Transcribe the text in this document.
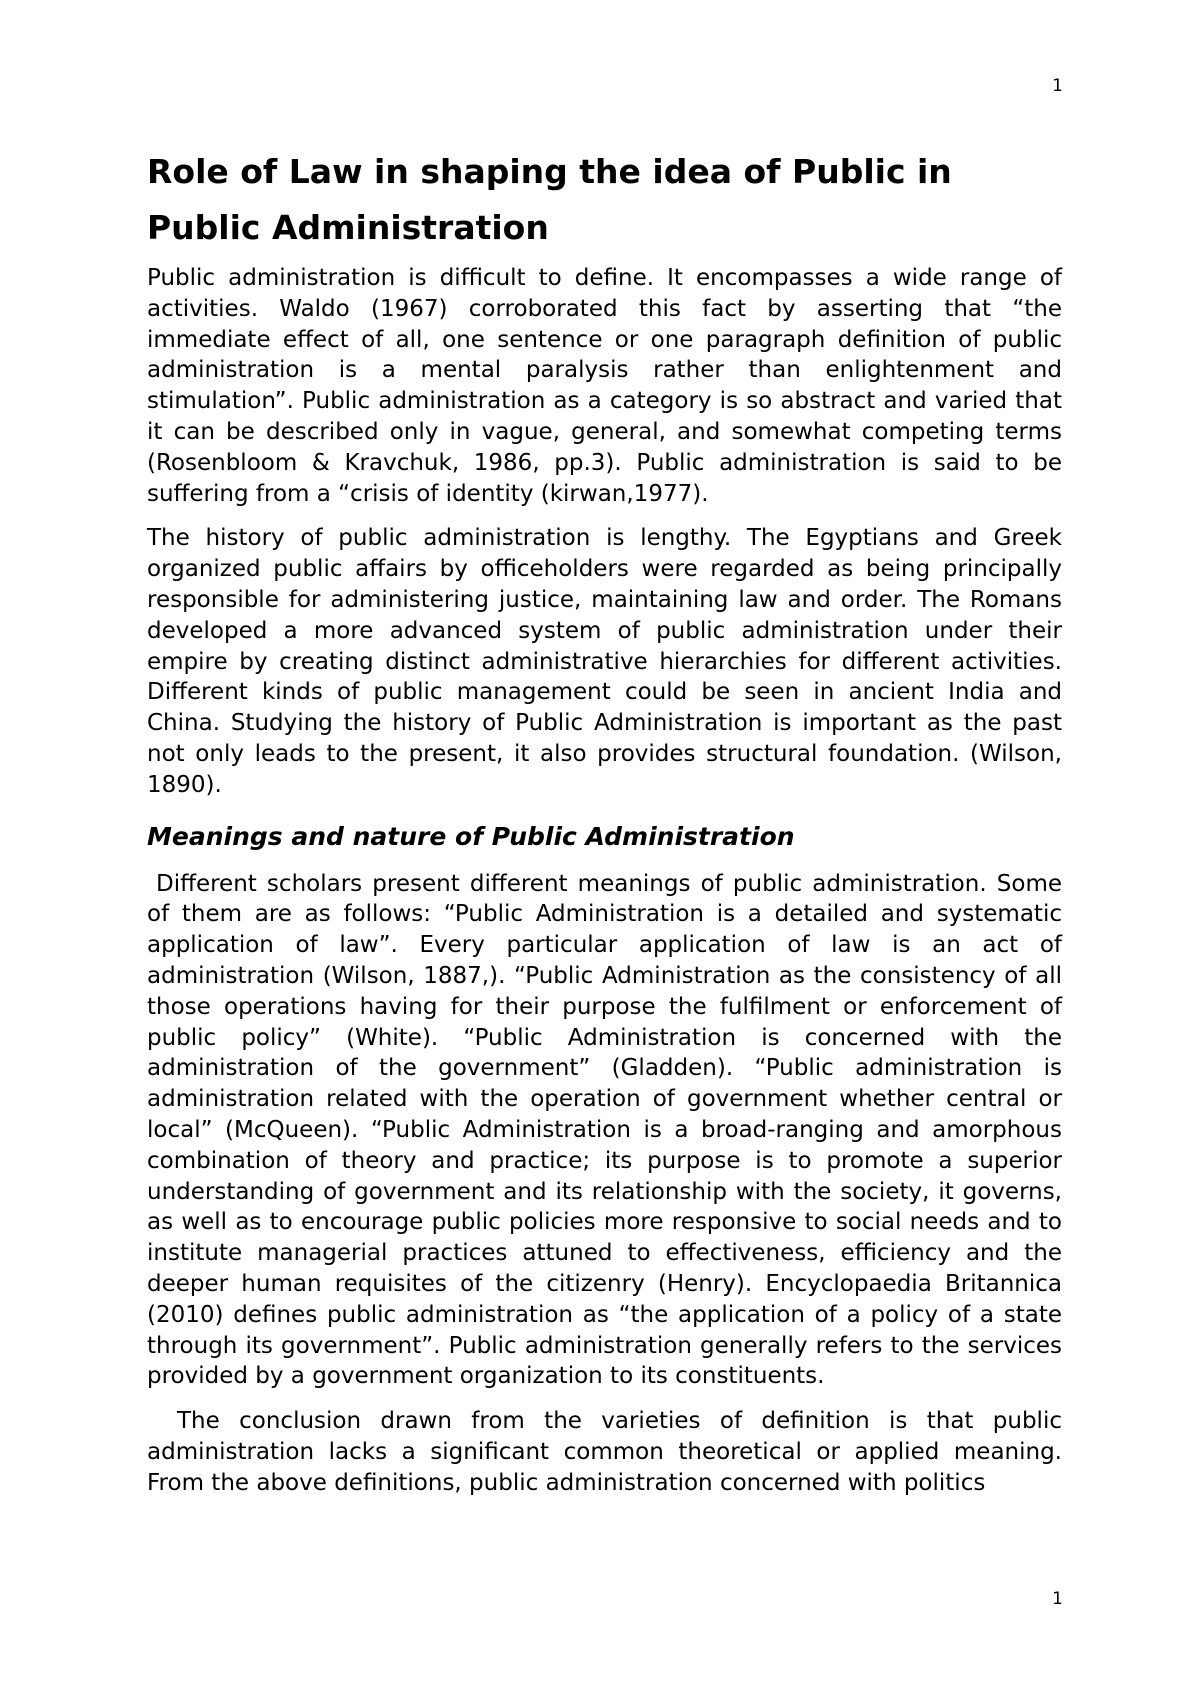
1
Role of Law in shaping the idea of Public in Public Administration

Public administration is difficult to define. It encompasses a wide range of activities. Waldo (1967) corroborated this fact by asserting that “the immediate effect of all, one sentence or one paragraph definition of public administration is a mental paralysis rather than enlightenment and stimulation”. Public administration as a category is so abstract and varied that it can be described only in vague, general, and somewhat competing terms (Rosenbloom & Kravchuk, 1986, pp.3). Public administration is said to be suffering from a “crisis of identity (kirwan,1977).

The history of public administration is lengthy. The Egyptians and Greek organized public affairs by officeholders were regarded as being principally responsible for administering justice, maintaining law and order. The Romans developed a more advanced system of public administration under their empire by creating distinct administrative hierarchies for different activities. Different kinds of public management could be seen in ancient India and China. Studying the history of Public Administration is important as the past not only leads to the present, it also provides structural foundation. (Wilson, 1890).

Meanings and nature of Public Administration

Different scholars present different meanings of public administration. Some of them are as follows: “Public Administration is a detailed and systematic application of law”. Every particular application of law is an act of administration (Wilson, 1887,). “Public Administration as the consistency of all those operations having for their purpose the fulfilment or enforcement of public policy” (White). “Public Administration is concerned with the administration of the government” (Gladden). “Public administration is administration related with the operation of government whether central or local” (McQueen). “Public Administration is a broad-ranging and amorphous combination of theory and practice; its purpose is to promote a superior understanding of government and its relationship with the society, it governs, as well as to encourage public policies more responsive to social needs and to institute managerial practices attuned to effectiveness, efficiency and the deeper human requisites of the citizenry (Henry). Encyclopaedia Britannica (2010) defines public administration as “the application of a policy of a state through its government”. Public administration generally refers to the services provided by a government organization to its constituents.

The conclusion drawn from the varieties of definition is that public administration lacks a significant common theoretical or applied meaning. From the above definitions, public administration concerned with politics

1
